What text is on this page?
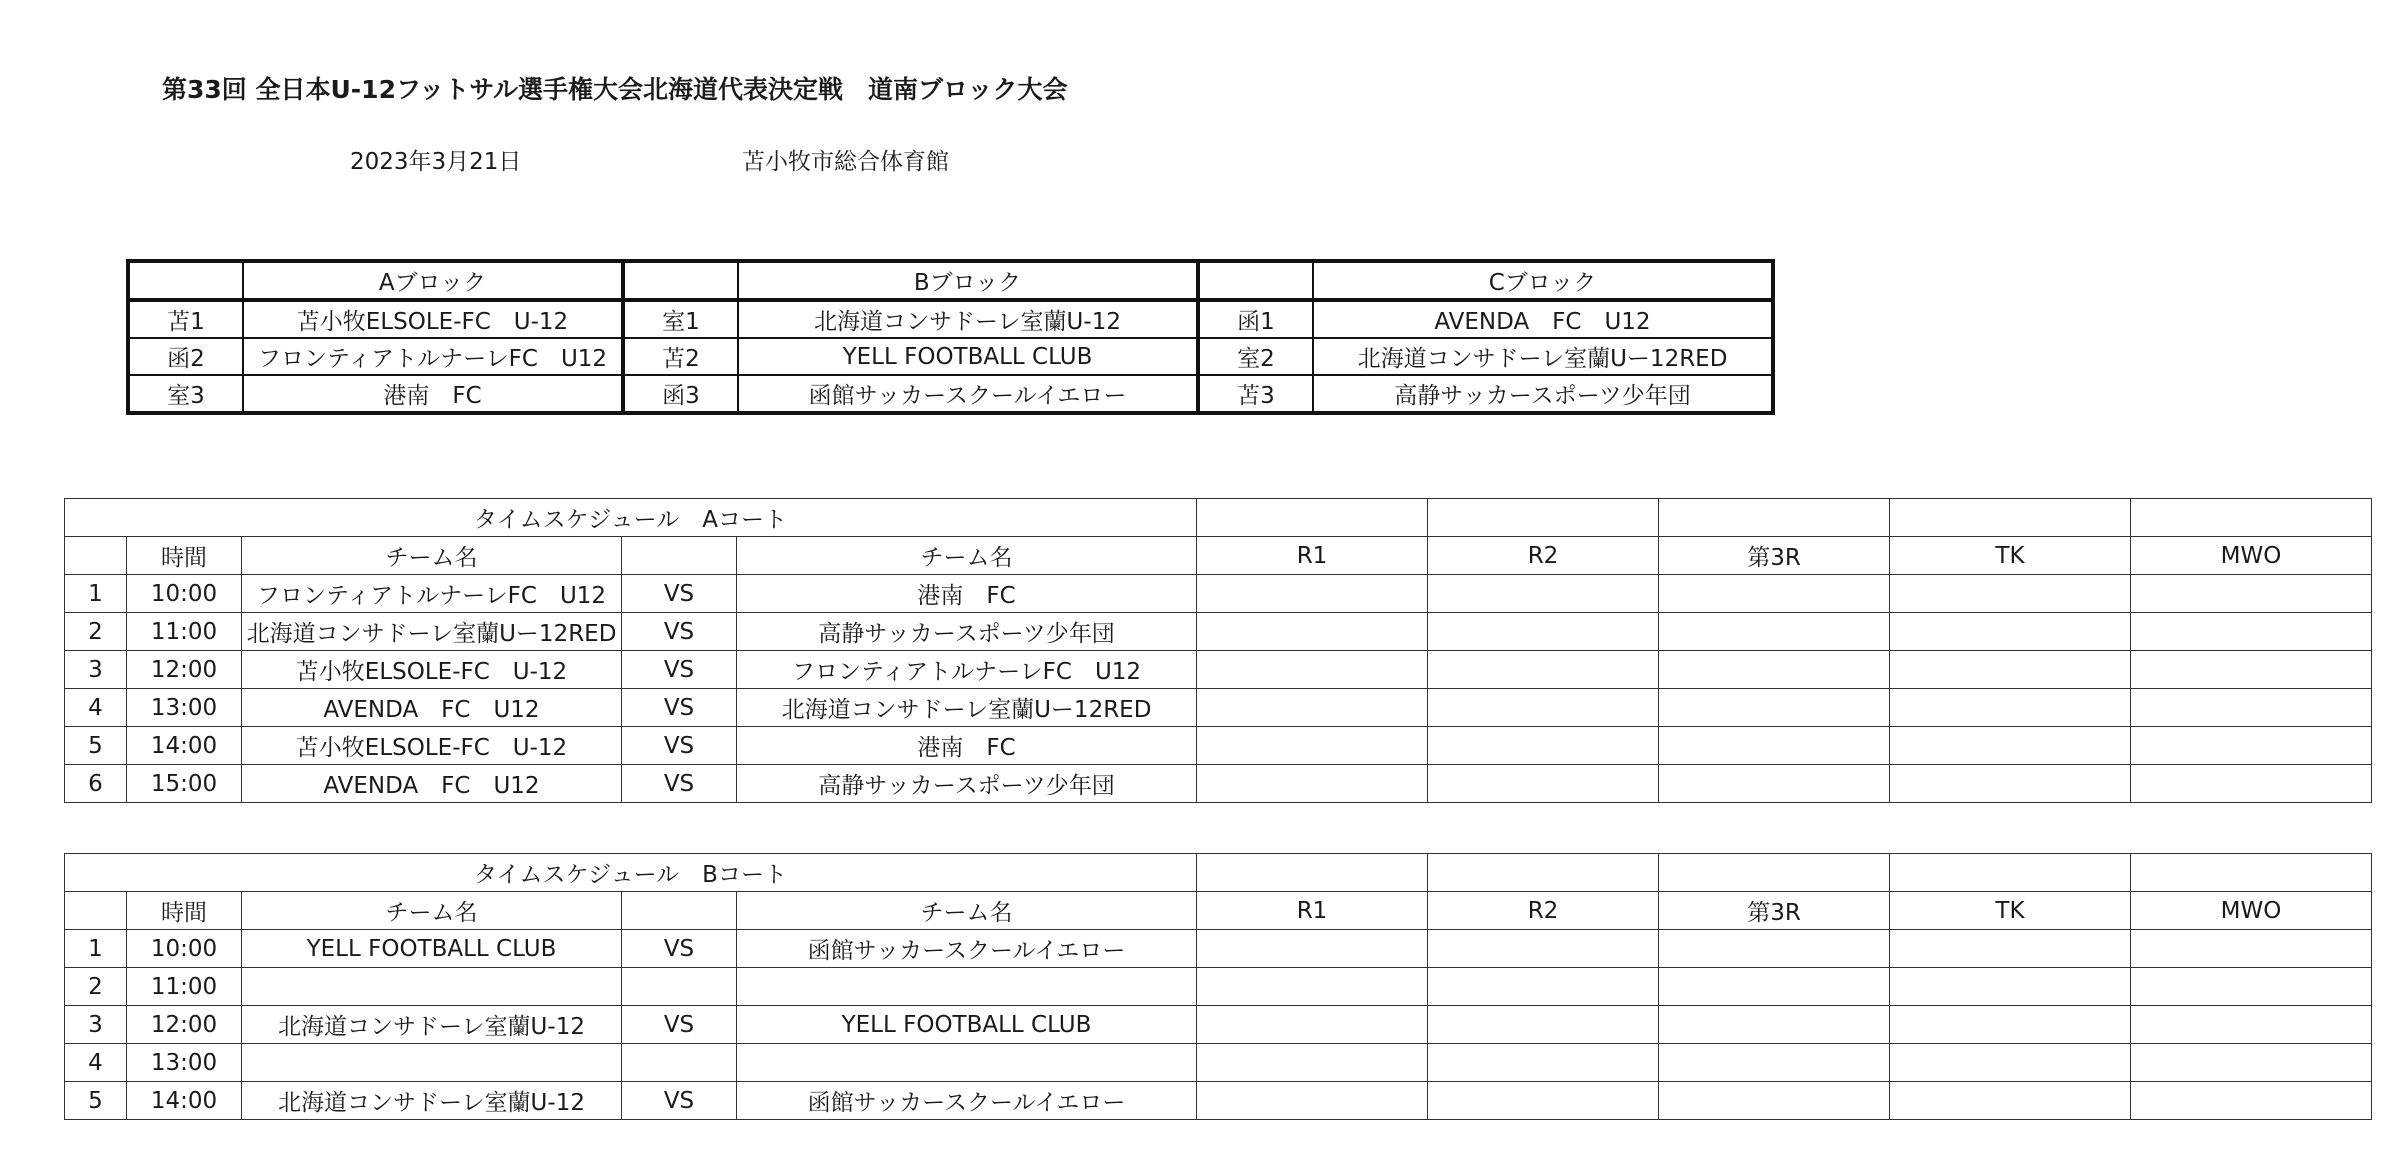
第33回 全日本U-12フットサル選手権大会北海道代表決定戦　道南ブロック大会
2023年3月21日	苫小牧市総合体育館
	Aブロック		Bブロック		Cブロック
苫1	苫小牧ELSOLE-FC　U-12	室1	北海道コンサドーレ室蘭U-12	函1	AVENDA　FC　U12
函2	フロンティアトルナーレFC　U12	苫2	YELL FOOTBALL CLUB	室2	北海道コンサドーレ室蘭Uー12RED
室3	港南　FC	函3	函館サッカースクールイエロー	苫3	高静サッカースポーツ少年団
タイムスケジュール　Aコート									
	時間	チーム名		チーム名	R1	R2	第3R	TK	MWO
1	10:00	フロンティアトルナーレFC　U12	VS	港南　FC					
2	11:00	北海道コンサドーレ室蘭Uー12RED	VS	高静サッカースポーツ少年団					
3	12:00	苫小牧ELSOLE-FC　U-12	VS	フロンティアトルナーレFC　U12					
4	13:00	AVENDA　FC　U12	VS	北海道コンサドーレ室蘭Uー12RED					
5	14:00	苫小牧ELSOLE-FC　U-12	VS	港南　FC					
6	15:00	AVENDA　FC　U12	VS	高静サッカースポーツ少年団					
タイムスケジュール　Bコート									
	時間	チーム名		チーム名	R1	R2	第3R	TK	MWO
1	10:00	YELL FOOTBALL CLUB	VS	函館サッカースクールイエロー					
2	11:00								
3	12:00	北海道コンサドーレ室蘭U-12	VS	YELL FOOTBALL CLUB					
4	13:00								
5	14:00	北海道コンサドーレ室蘭U-12	VS	函館サッカースクールイエロー					
